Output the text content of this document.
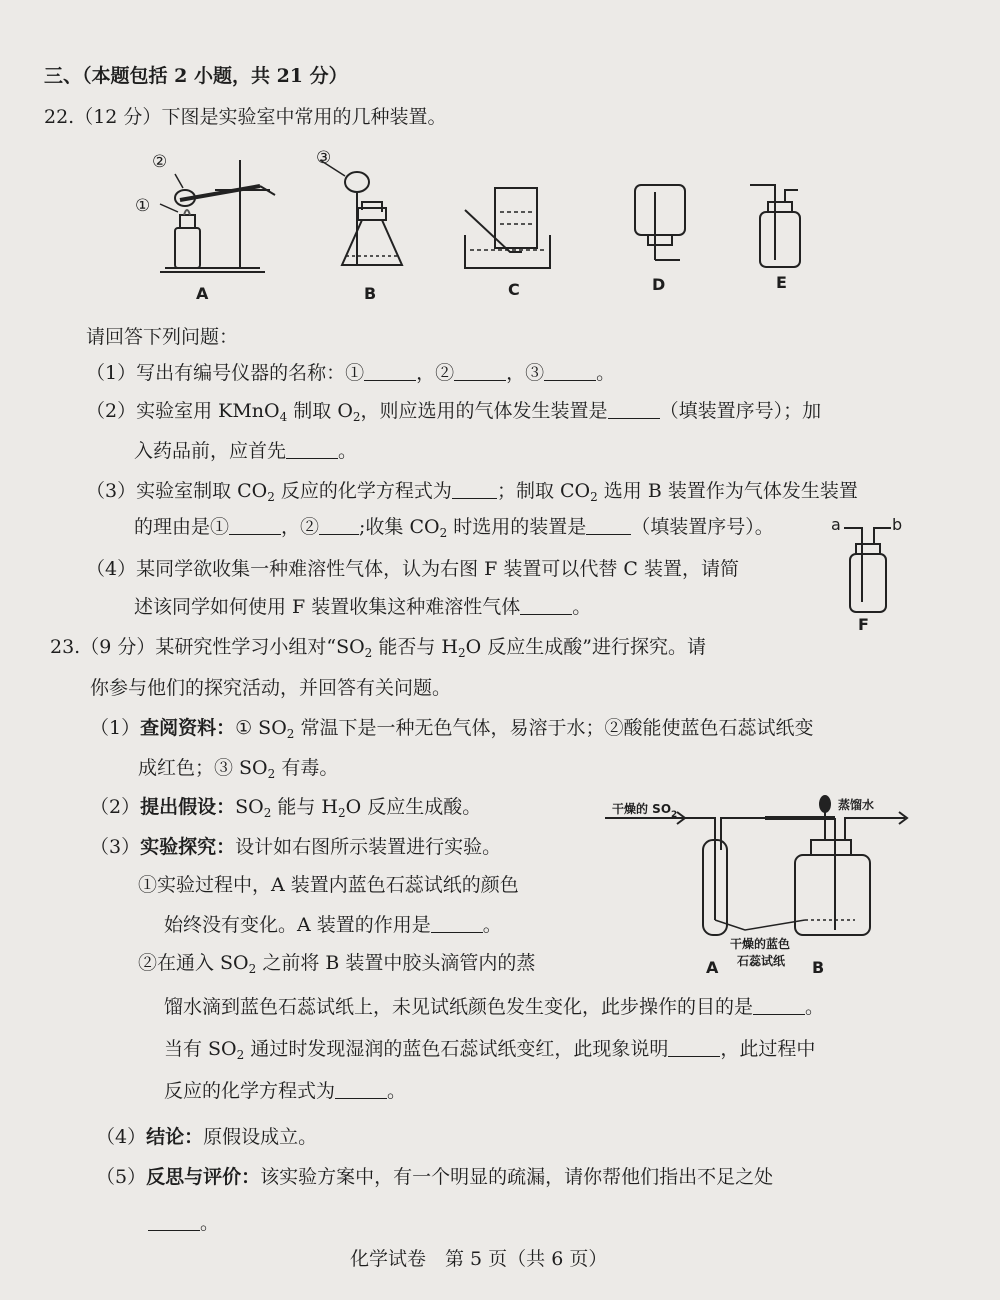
三、（本题包括 2 小题，共 21 分）
22.（12 分）下图是实验室中常用的几种装置。
A	B	C	D	E
①
②	③
请回答下列问题：
（1）写出有编号仪器的名称：①	，②	，③	。
（2）实验室用 KMnO$_4$ 制取 $O_2$，则应选用的气体发生装置是	（填装置序号）；加
入药品前，应首先	。
（3）实验室制取 $CO_2$ 反应的化学方程式为 ；制取 $CO_2$ 选用 B 装置作为气体发生装置
的理由是①	，② ;收集 $CO_2$ 时选用的装置是 （填装置序号）。
（4）某同学欲收集一种难溶性气体，认为右图 F 装置可以代替 C 装置，请简
述该同学如何使用 F 装置收集这种难溶性气体	。
a	b
F
23.（9 分）某研究性学习小组对“$SO_2$ 能否与 $H_2O$ 反应生成酸”进行探究。请
你参与他们的探究活动，并回答有关问题。
（1）查阅资料：① $SO_2$ 常温下是一种无色气体，易溶于水；②酸能使蓝色石蕊试纸变
成红色；③ $SO_2$ 有毒。
（2）提出假设：$SO_2$ 能与 $H_2O$ 反应生成酸。
（3）实验探究：设计如右图所示装置进行实验。
①实验过程中，A 装置内蓝色石蕊试纸的颜色
始终没有变化。A 装置的作用是	。
②在通入 $SO_2$ 之前将 B 装置中胶头滴管内的蒸
馏水滴到蓝色石蕊试纸上，未见试纸颜色发生变化，此步操作的目的是	。
当有 $SO_2$ 通过时发现湿润的蓝色石蕊试纸变红，此现象说明	，此过程中
反应的化学方程式为	。
干燥的 $SO_2$
蒸馏水
干燥的蓝色
石蕊试纸
A	B
（4）结论：原假设成立。
（5）反思与评价：该实验方案中，有一个明显的疏漏，请你帮他们指出不足之处
。
化学试卷　第 5 页（共 6 页）
